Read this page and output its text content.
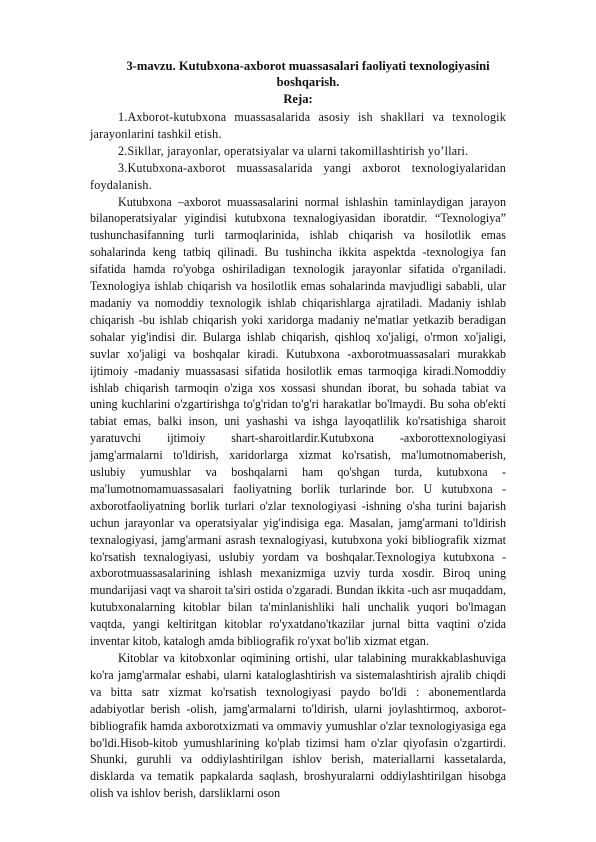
3-mavzu. Kutubxona-axborot muassasalari faoliyati texnologiyasini boshqarish.
Reja:

1.Axborot-kutubxona muassasalarida asosiy ish shakllari va texnologik jarayonlarini tashkil etish.

2.Sikllar, jarayonlar, operatsiyalar va ularni takomillashtirish yo’llari.

3.Kutubxona-axborot muassasalarida yangi axborot texnologiyalaridan foydalanish.

Kutubxona –axborot muassasalarini normal ishlashin taminlaydigan jarayon bilanoperatsiyalar yigindisi kutubxona texnalogiyasidan iboratdir. “Texnologiya” tushunchasifanning turli tarmoqlarinida, ishlab chiqarish va hosilotlik emas sohalarinda keng tatbiq qilinadi. Bu tushincha ikkita aspektda -texnologiya fan sifatida hamda ro'yobga oshiriladigan texnologik jarayonlar sifatida o'rganiladi. Texnologiya ishlab chiqarish va hosilotlik emas sohalarinda mavjudligi sababli, ular madaniy va nomoddiy texnologik ishlab chiqarishlarga ajratiladi. Madaniy ishlab chiqarish -bu ishlab chiqarish yoki xaridorga madaniy ne'matlar yetkazib beradigan sohalar yig'indisi dir. Bularga ishlab chiqarish, qishloq xo'jaligi, o'rmon xo'jaligi, suvlar xo'jaligi va boshqalar kiradi. Kutubxona -axborotmuassasalari murakkab ijtimoiy -madaniy muassasasi sifatida hosilotlik emas tarmoqiga kiradi.Nomoddiy ishlab chiqarish tarmoqin o'ziga xos xossasi shundan iborat, bu sohada tabiat va uning kuchlarini o'zgartirishga to'g'ridan to'g'ri harakatlar bo'lmaydi. Bu soha ob'ekti tabiat emas, balki inson, uni yashashi va ishga layoqatlilik ko'rsatishiga sharoit yaratuvchi ijtimoiy shart-sharoitlardir.Kutubxona -axborottexnologiyasi jamg'armalarni to'ldirish, xaridorlarga xizmat ko'rsatish, ma'lumotnomaberish, uslubiy yumushlar va boshqalarni ham qo'shgan turda, kutubxona -ma'lumotnomamuassasalari faoliyatning borlik turlarinde bor. U kutubxona -axborotfaoliyatning borlik turlari o'zlar texnologiyasi -ishning o'sha turini bajarish uchun jarayonlar va operatsiyalar yig'indisiga ega. Masalan, jamg'armani to'ldirish texnalogiyasi, jamg'armani asrash texnalogiyasi, kutubxona yoki bibliografik xizmat ko'rsatish texnalogiyasi, uslubiy yordam va boshqalar.Texnologiya kutubxona -axborotmuassasalarining ishlash mexanizmiga uzviy turda xosdir. Biroq uning mundarijasi vaqt va sharoit ta'siri ostida o'zgaradi. Bundan ikkita -uch asr muqaddam, kutubxonalarning kitoblar bilan ta'minlanishliki hali unchalik yuqori bo'lmagan vaqtda, yangi keltiritgan kitoblar ro'yxatdano'tkazilar jurnal bitta vaqtini o'zida inventar kitob, katalogh amda bibliografik ro'yxat bo'lib xizmat etgan.

Kitoblar va kitobxonlar oqimining ortishi, ular talabining murakkablashuviga ko'ra jamg'armalar eshabi, ularni kataloglashtirish va sistemalashtirish ajralib chiqdi va bitta satr xizmat ko'rsatish texnologiyasi paydo bo'ldi : abonementlarda adabiyotlar berish -olish, jamg'armalarni to'ldirish, ularni joylashtirmoq, axborot-bibliografik hamda axborotxizmati va ommaviy yumushlar o'zlar texnologiyasiga ega bo'ldi.Hisob-kitob yumushlarining ko'plab tizimsi ham o'zlar qiyofasin o'zgartirdi. Shunki, guruhli va oddiylashtirilgan ishlov berish, materiallarni kassetalarda, disklarda va tematik papkalarda saqlash, broshyuralarni oddiylashtirilgan hisobga olish va ishlov berish, darsliklarni oson
